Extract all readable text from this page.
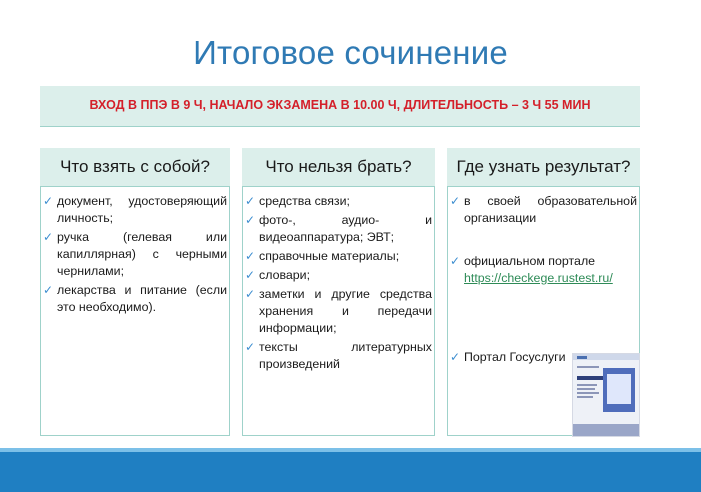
Итоговое сочинение
ВХОД В ППЭ В 9 Ч, НАЧАЛО ЭКЗАМЕНА В 10.00 Ч, ДЛИТЕЛЬНОСТЬ – 3 Ч 55 МИН
Что взять с собой?
✓ документ, удостоверяющий личность;
✓ ручка (гелевая или капиллярная) с черными чернилами;
✓ лекарства и питание (если это необходимо).
Что нельзя брать?
✓ средства связи;
✓ фото-, аудио- и видеоаппаратура; ЭВТ;
✓ справочные материалы;
✓ словари;
✓ заметки и другие средства хранения и передачи информации;
✓ тексты литературных произведений
Где узнать результат?
✓ в своей образовательной организации
✓ официальном портале
https://checkege.rustest.ru/
✓ Портал Госуслуги
